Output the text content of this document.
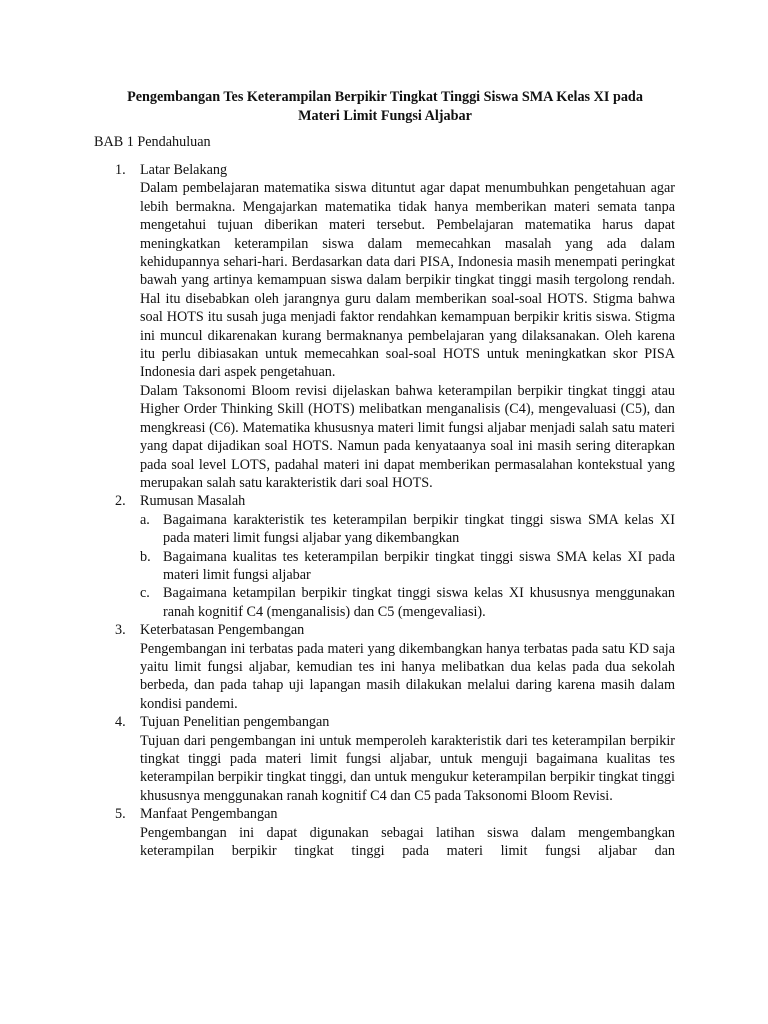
Pengembangan Tes Keterampilan Berpikir Tingkat Tinggi Siswa SMA Kelas XI pada
Materi Limit Fungsi Aljabar
BAB 1 Pendahuluan
1. Latar Belakang
Dalam pembelajaran matematika siswa dituntut agar dapat menumbuhkan pengetahuan agar lebih bermakna. Mengajarkan matematika tidak hanya memberikan materi semata tanpa mengetahui tujuan diberikan materi tersebut. Pembelajaran matematika harus dapat meningkatkan keterampilan siswa dalam memecahkan masalah yang ada dalam kehidupannya sehari-hari. Berdasarkan data dari PISA, Indonesia masih menempati peringkat bawah yang artinya kemampuan siswa dalam berpikir tingkat tinggi masih tergolong rendah. Hal itu disebabkan oleh jarangnya guru dalam memberikan soal-soal HOTS. Stigma bahwa soal HOTS itu susah juga menjadi faktor rendahkan kemampuan berpikir kritis siswa. Stigma ini muncul dikarenakan kurang bermaknanya pembelajaran yang dilaksanakan. Oleh karena itu perlu dibiasakan untuk memecahkan soal-soal HOTS untuk meningkatkan skor PISA Indonesia dari aspek pengetahuan.
Dalam Taksonomi Bloom revisi dijelaskan bahwa keterampilan berpikir tingkat tinggi atau Higher Order Thinking Skill (HOTS) melibatkan menganalisis (C4), mengevaluasi (C5), dan mengkreasi (C6). Matematika khususnya materi limit fungsi aljabar menjadi salah satu materi yang dapat dijadikan soal HOTS. Namun pada kenyataanya soal ini masih sering diterapkan pada soal level LOTS, padahal materi ini dapat memberikan permasalahan kontekstual yang merupakan salah satu karakteristik dari soal HOTS.
2. Rumusan Masalah
a. Bagaimana karakteristik tes keterampilan berpikir tingkat tinggi siswa SMA kelas XI pada materi limit fungsi aljabar yang dikembangkan
b. Bagaimana kualitas tes keterampilan berpikir tingkat tinggi siswa SMA kelas XI pada materi limit fungsi aljabar
c. Bagaimana ketampilan berpikir tingkat tinggi siswa kelas XI khususnya menggunakan ranah kognitif C4 (menganalisis) dan C5 (mengevaliasi).
3. Keterbatasan Pengembangan
Pengembangan ini terbatas pada materi yang dikembangkan hanya terbatas pada satu KD saja yaitu limit fungsi aljabar, kemudian tes ini hanya melibatkan dua kelas pada dua sekolah berbeda, dan pada tahap uji lapangan masih dilakukan melalui daring karena masih dalam kondisi pandemi.
4. Tujuan Penelitian pengembangan
Tujuan dari pengembangan ini untuk memperoleh karakteristik dari tes keterampilan berpikir tingkat tinggi pada materi limit fungsi aljabar, untuk menguji bagaimana kualitas tes keterampilan berpikir tingkat tinggi, dan untuk mengukur keterampilan berpikir tingkat tinggi khususnya menggunakan ranah kognitif C4 dan C5 pada Taksonomi Bloom Revisi.
5. Manfaat Pengembangan
Pengembangan ini dapat digunakan sebagai latihan siswa dalam mengembangkan keterampilan berpikir tingkat tinggi pada materi limit fungsi aljabar dan
